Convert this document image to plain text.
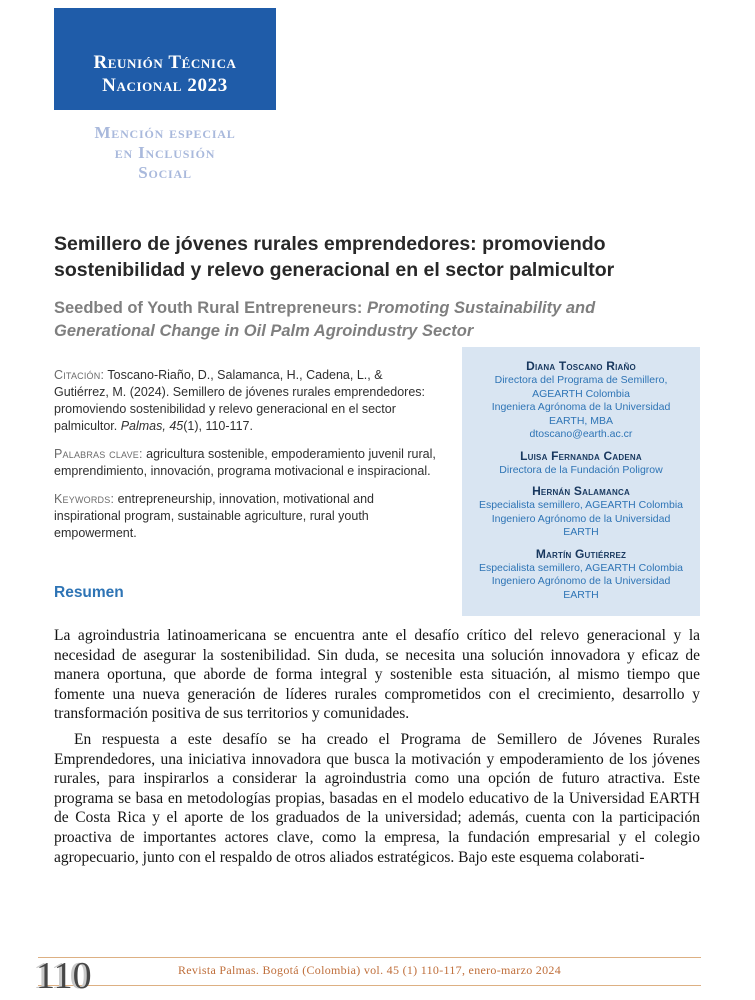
Reunión Técnica
Nacional 2023
Mención especial
en Inclusión
Social
Semillero de jóvenes rurales emprendedores: promoviendo sostenibilidad y relevo generacional en el sector palmicultor
Seedbed of Youth Rural Entrepreneurs: Promoting Sustainability and Generational Change in Oil Palm Agroindustry Sector

Citación: Toscano-Riaño, D., Salamanca, H., Cadena, L., & Gutiérrez, M. (2024). Semillero de jóvenes rurales emprendedores: promoviendo sostenibilidad y relevo generacional en el sector palmicultor. Palmas, 45(1), 110-117.

Palabras clave: agricultura sostenible, empoderamiento juvenil rural, emprendimiento, innovación, programa motivacional e inspiracional.

Keywords: entrepreneurship, innovation, motivational and inspirational program, sustainable agriculture, rural youth empowerment.

Resumen
Diana Toscano Riaño
Directora del Programa de Semillero,
AGEARTH Colombia
Ingeniera Agrónoma de la Universidad
EARTH, MBA
dtoscano@earth.ac.cr
Luisa Fernanda Cadena
Directora de la Fundación Poligrow
Hernán Salamanca
Especialista semillero, AGEARTH Colombia
Ingeniero Agrónomo de la Universidad
EARTH
Martín Gutiérrez
Especialista semillero, AGEARTH Colombia
Ingeniero Agrónomo de la Universidad
EARTH

La agroindustria latinoamericana se encuentra ante el desafío crítico del relevo generacional y la necesidad de asegurar la sostenibilidad. Sin duda, se necesita una solución innovadora y eficaz de manera oportuna, que aborde de forma integral y sostenible esta situación, al mismo tiempo que fomente una nueva generación de líderes rurales comprometidos con el crecimiento, desarrollo y transformación positiva de sus territorios y comunidades.

En respuesta a este desafío se ha creado el Programa de Semillero de Jóvenes Rurales Emprendedores, una iniciativa innovadora que busca la motivación y empoderamiento de los jóvenes rurales, para inspirarlos a considerar la agroindustria como una opción de futuro atractiva. Este programa se basa en metodologías propias, basadas en el modelo educativo de la Universidad EARTH de Costa Rica y el aporte de los graduados de la universidad; además, cuenta con la participación proactiva de importantes actores clave, como la empresa, la fundación empresarial y el colegio agropecuario, junto con el respaldo de otros aliados estratégicos. Bajo este esquema colaborati-

Revista Palmas. Bogotá (Colombia) vol. 45 (1) 110-117, enero-marzo 2024
110
